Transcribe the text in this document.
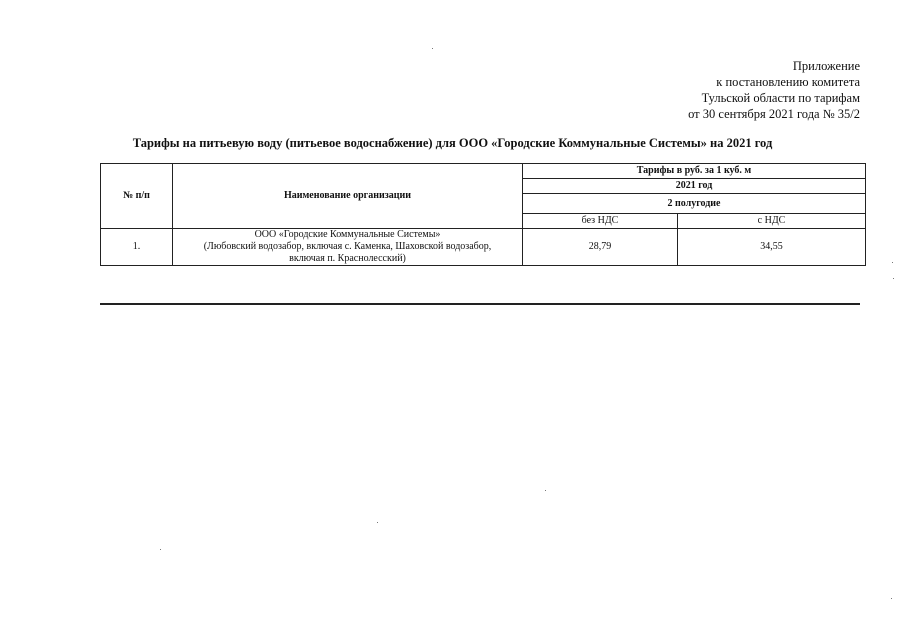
Приложение
к постановлению комитета
Тульской области по тарифам
от 30 сентября 2021 года № 35/2
Тарифы на питьевую воду (питьевое водоснабжение) для ООО «Городские Коммунальные Системы» на 2021 год
№ п/п	Наименование организации	Тарифы в руб. за 1 куб. м	
		2021 год	
		2 полугодие	
		без НДС	с НДС
1.	ООО «Городские Коммунальные Системы»
(Любовский водозабор, включая с. Каменка, Шаховской водозабор,
включая п. Краснолесский)	28,79	34,55
